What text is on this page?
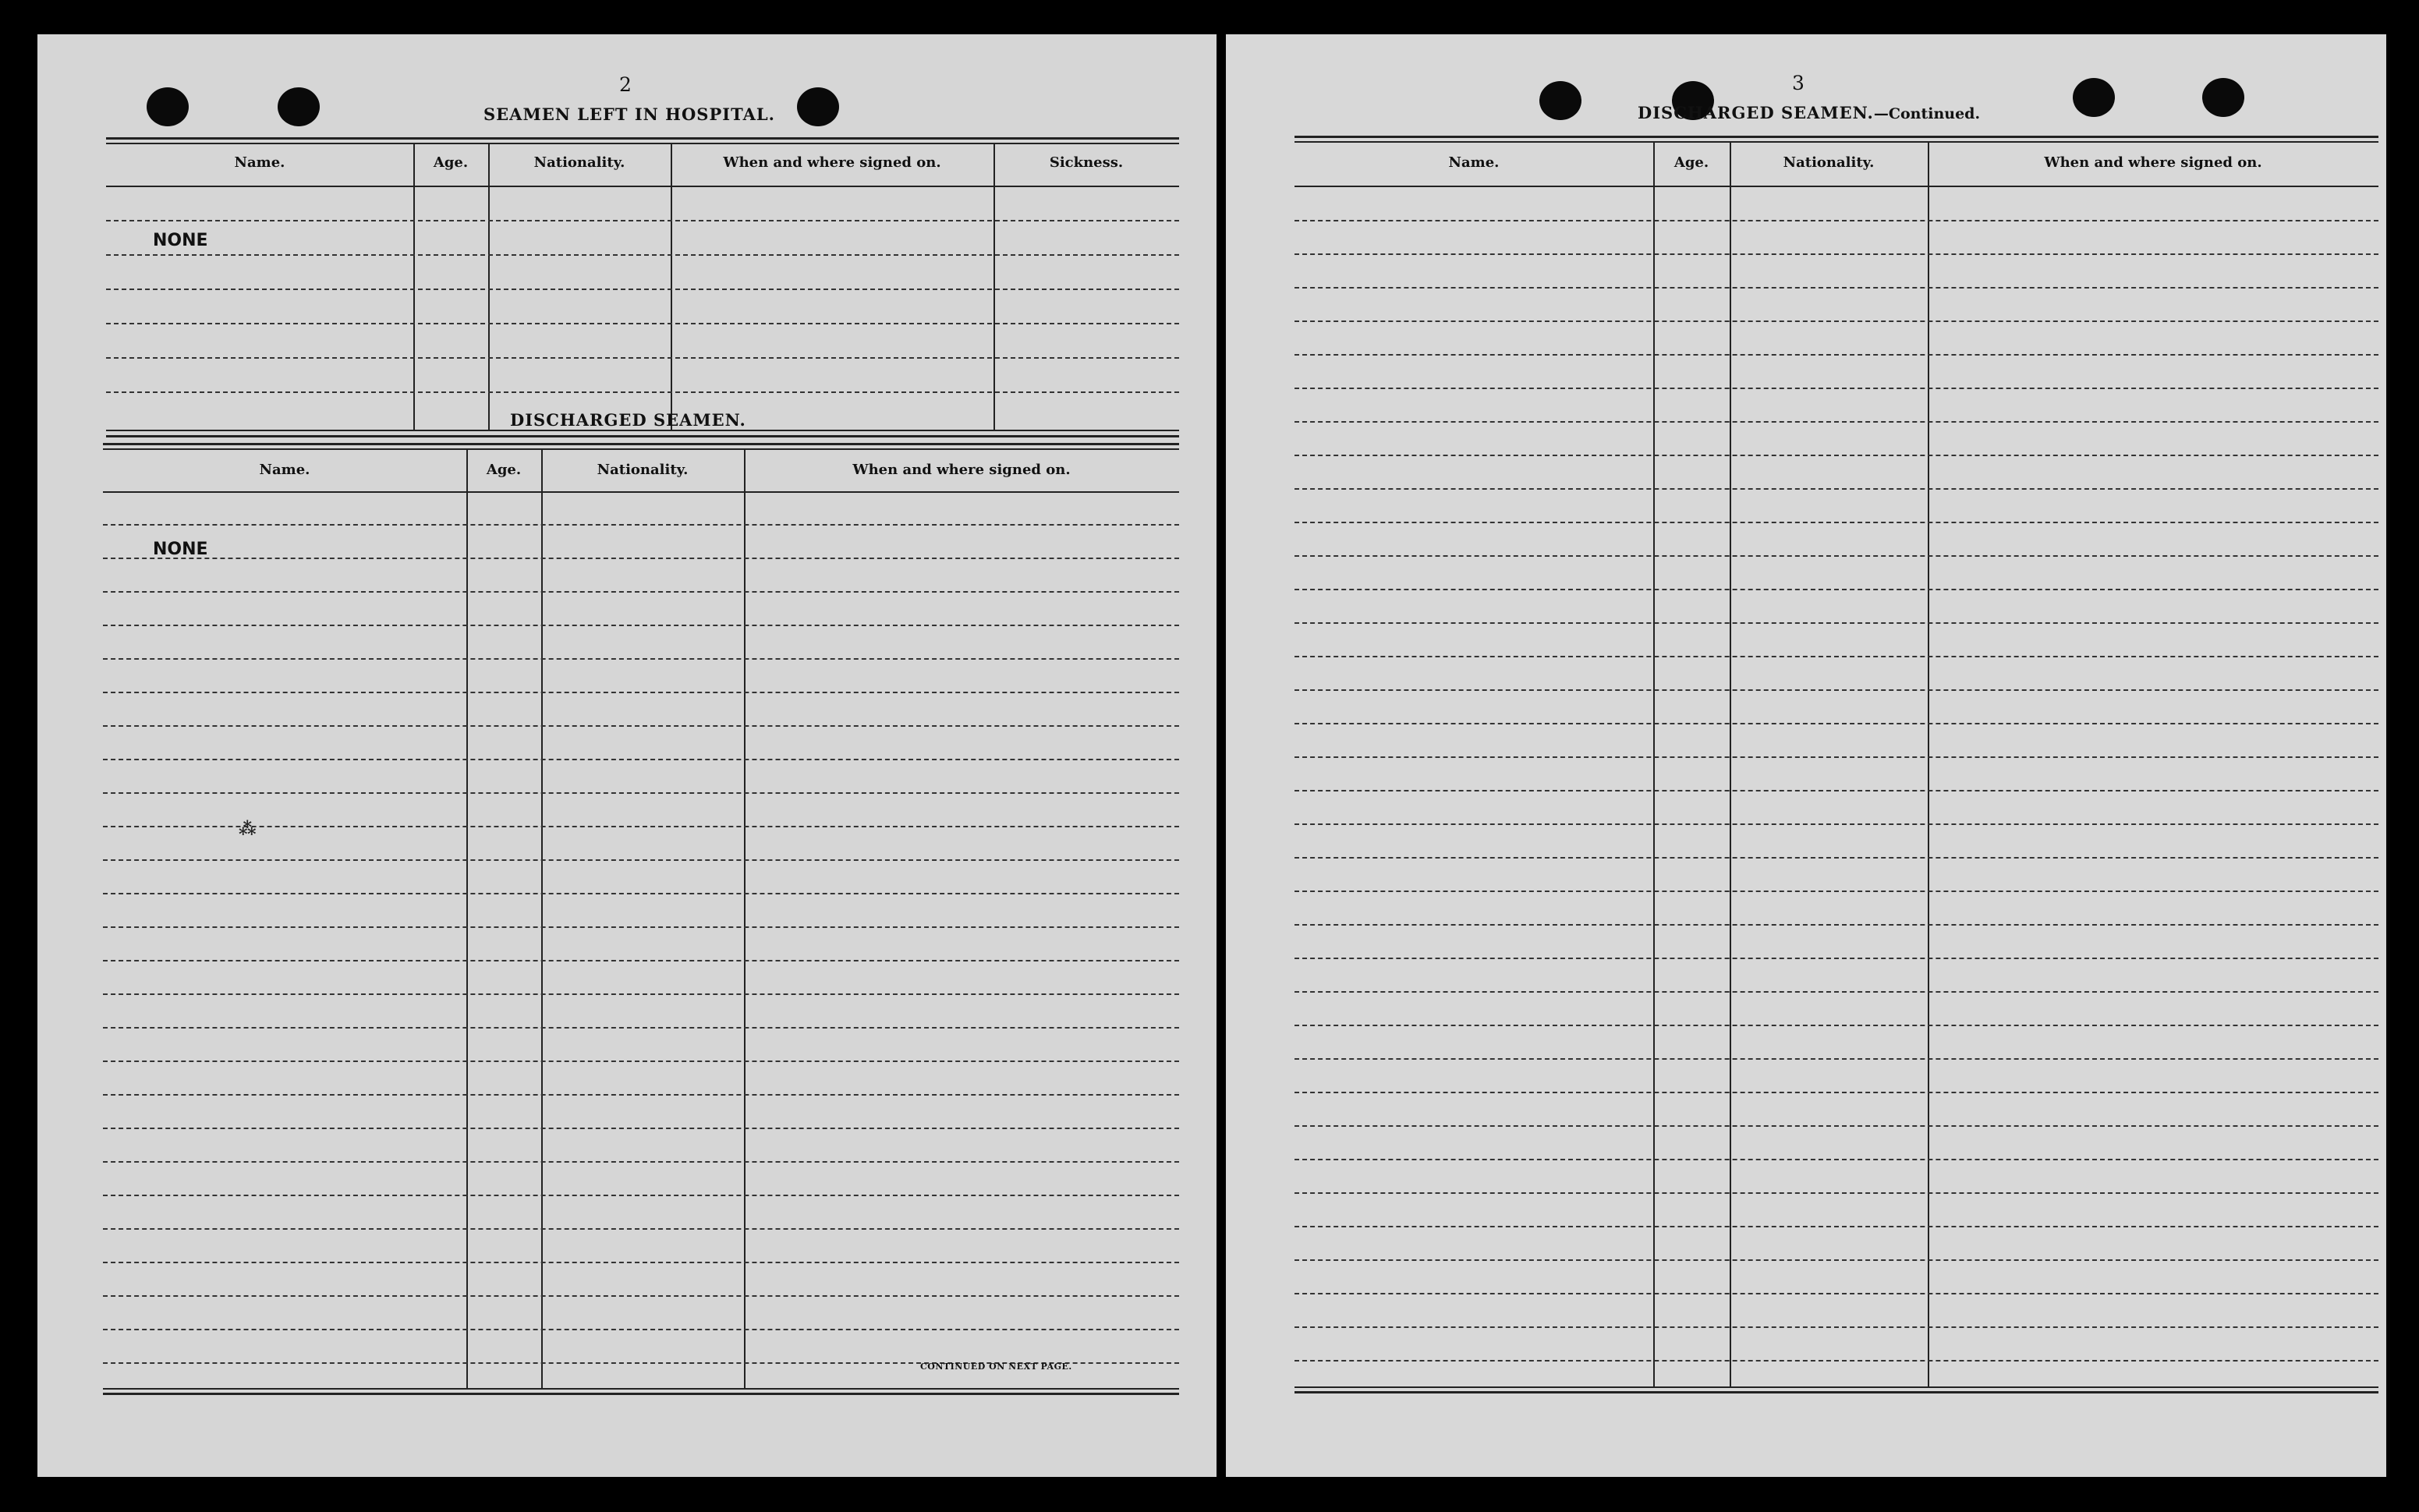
2
SEAMEN LEFT IN HOSPITAL.
Name.	Age.	Nationality.	When and where signed on.	Sickness.
NONE
DISCHARGED SEAMEN.
Name.	Age.	Nationality.	When and where signed on.
NONE
⁂
CONTINUED ON NEXT PAGE.
3
DISCHARGED SEAMEN.—Continued.
Name.	Age.	Nationality.	When and where signed on.
